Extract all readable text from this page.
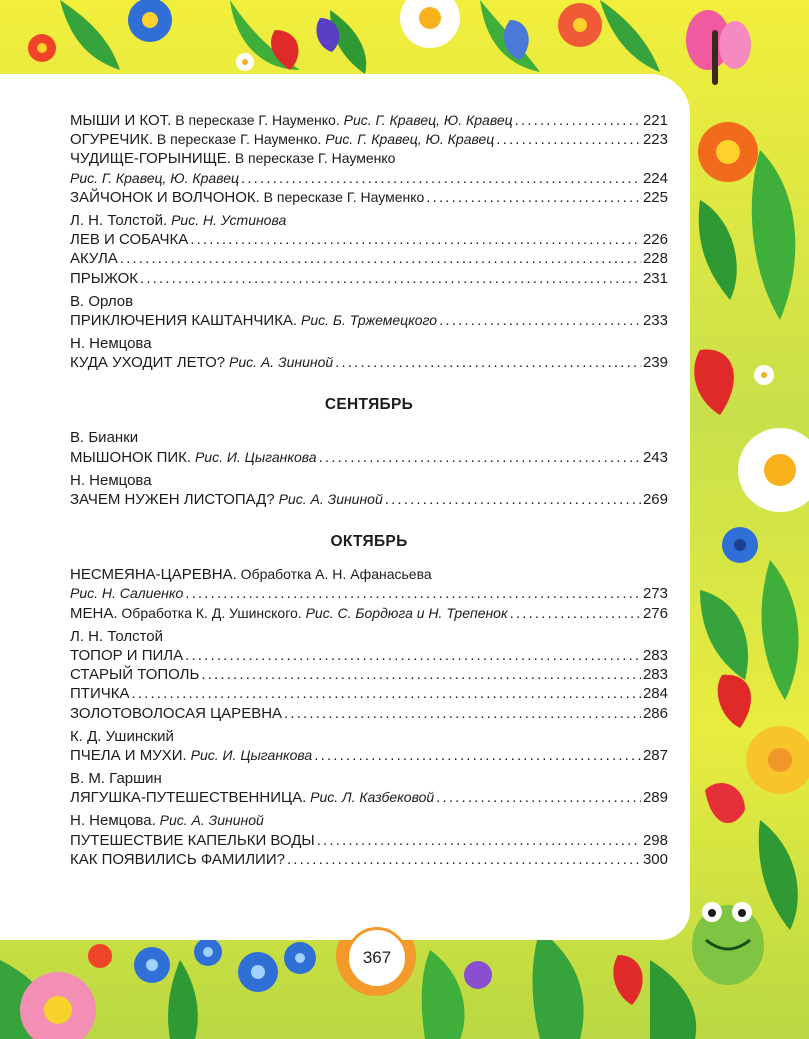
МЫШИ И КОТ. В пересказе Г. Науменко. Рис. Г. Кравец, Ю. Кравец . . .	221
ОГУРЕЧИК. В пересказе Г. Науменко. Рис. Г. Кравец, Ю. Кравец . . .	223
ЧУДИЩЕ-ГОРЫНИЩЕ. В пересказе Г. Науменко
Рис. Г. Кравец, Ю. Кравец . . .	224
ЗАЙЧОНОК И ВОЛЧОНОК. В пересказе Г. Науменко . . .	225
Л. Н. Толстой. Рис. Н. Устинова
ЛЕВ И СОБАЧКА . . .	226
АКУЛА . . .	228
ПРЫЖОК . . .	231
В. Орлов
ПРИКЛЮЧЕНИЯ КАШТАНЧИКА. Рис. Б. Тржемецкого . . .	233
Н. Немцова
КУДА УХОДИТ ЛЕТО? Рис. А. Зининой . . .	239
СЕНТЯБРЬ
В. Бианки
МЫШОНОК ПИК. Рис. И. Цыганкова . . .	243
Н. Немцова
ЗАЧЕМ НУЖЕН ЛИСТОПАД? Рис. А. Зининой . . .	269
ОКТЯБРЬ
НЕСМЕЯНА-ЦАРЕВНА. Обработка А. Н. Афанасьева
Рис. Н. Салиенко . . .	273
МЕНА. Обработка К. Д. Ушинского. Рис. С. Бордюга и Н. Трепенок . . .	276
Л. Н. Толстой
ТОПОР И ПИЛА . . .	283
СТАРЫЙ ТОПОЛЬ . . .	283
ПТИЧКА . . .	284
ЗОЛОТОВОЛОСАЯ ЦАРЕВНА . . .	286
К. Д. Ушинский
ПЧЕЛА И МУХИ. Рис. И. Цыганкова . . .	287
В. М. Гаршин
ЛЯГУШКА-ПУТЕШЕСТВЕННИЦА. Рис. Л. Казбековой . . .	289
Н. Немцова. Рис. А. Зининой
ПУТЕШЕСТВИЕ КАПЕЛЬКИ ВОДЫ . . .	298
КАК ПОЯВИЛИСЬ ФАМИЛИИ? . . .	300
367
